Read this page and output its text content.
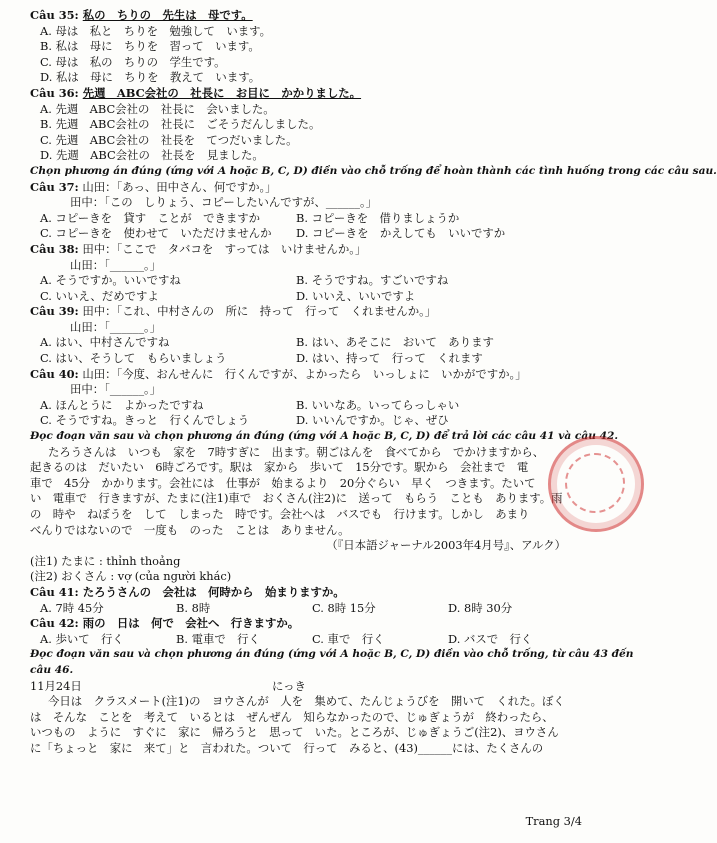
Câu 35: 私の　ちりの　先生は　母です。
A. 母は　私と　ちりを　勉強して　います。
B. 私は　母に　ちりを　習って　います。
C. 母は　私の　ちりの　学生です。
D. 私は　母に　ちりを　教えて　います。
Câu 36: 先週　ABC会社の　社長に　お目に　かかりました。
A. 先週　ABC会社の　社長に　会いました。
B. 先週　ABC会社の　社長に　ごそうだんしました。
C. 先週　ABC会社の　社長を　てつだいました。
D. 先週　ABC会社の　社長を　見ました。
Chọn phương án đúng (ứng với A hoặc B, C, D) điền vào chỗ trống để hoàn thành các tình huống trong các câu sau.
Câu 37: 山田：「あっ、田中さん、何ですか。」
田中：「この　しりょう、コピーしたいんですが、______。」
A. コピーきを　貸す　ことが　できますか	B. コピーきを　借りましょうか
C. コピーきを　使わせて　いただけませんか	D. コピーきを　かえしても　いいですか
Câu 38: 田中：「ここで　タバコを　すっては　いけませんか。」
山田：「______。」
A. そうですか。いいですね	B. そうですね。すごいですね
C. いいえ、だめですよ	D. いいえ、いいですよ
Câu 39: 田中：「これ、中村さんの　所に　持って　行って　くれませんか。」
山田：「______。」
A. はい、中村さんですね	B. はい、あそこに　おいて　あります
C. はい、そうして　もらいましょう	D. はい、持って　行って　くれます
Câu 40: 山田：「今度、おんせんに　行くんですが、よかったら　いっしょに　いかがですか。」
田中：「______。」
A. ほんとうに　よかったですね	B. いいなあ。いってらっしゃい
C. そうですね。きっと　行くんでしょう	D. いいんですか。じゃ、ぜひ
Đọc đoạn văn sau và chọn phương án đúng (ứng với A hoặc B, C, D) để trả lời các câu 41 và câu 42.
たろうさんは　いつも　家を　7時すぎに　出ます。朝ごはんを　食べてから　でかけますから、
起きるのは　だいたい　6時ごろです。駅は　家から　歩いて　15分です。駅から　会社まで　電
車で　45分　かかります。会社には　仕事が　始まるより　20分ぐらい　早く　つきます。たいて
い　電車で　行きますが、たまに(注1)車で　おくさん(注2)に　送って　もらう　ことも　あります。雨
の　時や　ねぼうを　して　しまった　時です。会社へは　バスでも　行けます。しかし　あまり
べんりではないので　一度も　のった　ことは　ありません。
（『日本語ジャーナル2003年4月号』、アルク）
(注1) たまに : thỉnh thoảng
(注2) おくさん : vợ (của người khác)
Câu 41: たろうさんの　会社は　何時から　始まりますか。
A. 7時 45分	B. 8時	C. 8時 15分	D. 8時 30分
Câu 42: 雨の　日は　何で　会社へ　行きますか。
A. 歩いて　行く	B. 電車で　行く	C. 車で　行く	D. バスで　行く
Đọc đoạn văn sau và chọn phương án đúng (ứng với A hoặc B, C, D) điền vào chỗ trống, từ câu 43 đến
câu 46.
11月24日	にっき
今日は　クラスメート(注1)の　ヨウさんが　人を　集めて、たんじょうびを　開いて　くれた。ぼく
は　そんな　ことを　考えて　いるとは　ぜんぜん　知らなかったので、じゅぎょうが　終わったら、
いつもの　ように　すぐに　家に　帰ろうと　思って　いた。ところが、じゅぎょうご(注2)、ヨウさん
に「ちょっと　家に　来て」と　言われた。ついて　行って　みると、(43)______には、たくさんの
Trang 3/4
